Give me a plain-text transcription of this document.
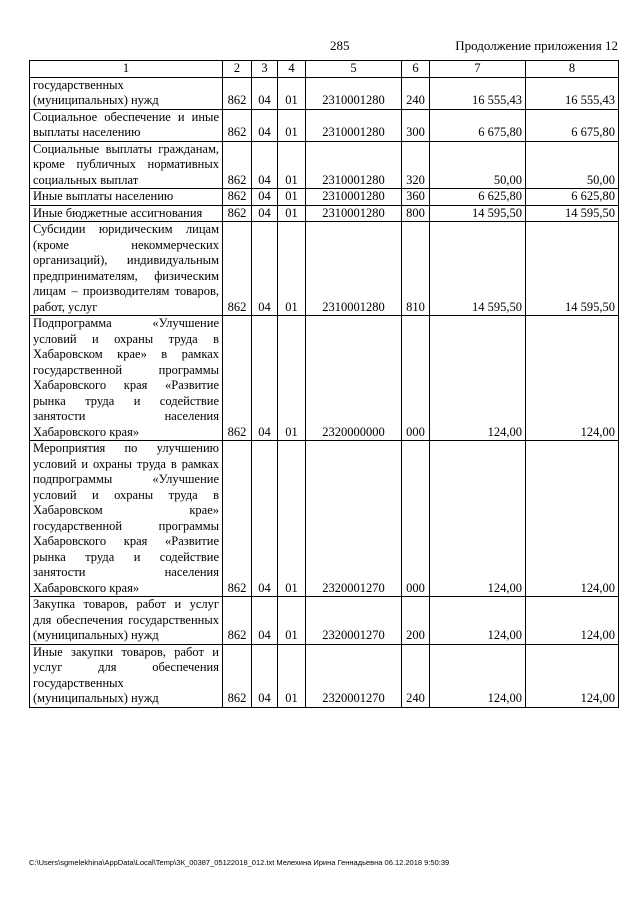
285	Продолжение приложения 12
1	2	3	4	5	6	7	8
государственных (муниципальных) нужд	862	04	01	2310001280	240	16 555,43	16 555,43
Социальное обеспечение и иные выплаты населению	862	04	01	2310001280	300	6 675,80	6 675,80
Социальные выплаты гражданам, кроме публичных нормативных социальных выплат	862	04	01	2310001280	320	50,00	50,00
Иные выплаты населению	862	04	01	2310001280	360	6 625,80	6 625,80
Иные бюджетные ассигнования	862	04	01	2310001280	800	14 595,50	14 595,50
Субсидии юридическим лицам (кроме некоммерческих организаций), индивидуальным предпринимателям, физическим лицам – производителям товаров, работ, услуг	862	04	01	2310001280	810	14 595,50	14 595,50
Подпрограмма «Улучшение условий и охраны труда в Хабаровском крае» в рамках государственной программы Хабаровского края «Развитие рынка труда и содействие занятости населения Хабаровского края»	862	04	01	2320000000	000	124,00	124,00
Мероприятия по улучшению условий и охраны труда в рамках подпрограммы «Улучшение условий и охраны труда в Хабаровском крае» государственной программы Хабаровского края «Развитие рынка труда и содействие занятости населения Хабаровского края»	862	04	01	2320001270	000	124,00	124,00
Закупка товаров, работ и услуг для обеспечения государственных (муниципальных) нужд	862	04	01	2320001270	200	124,00	124,00
Иные закупки товаров, работ и услуг для обеспечения государственных (муниципальных) нужд	862	04	01	2320001270	240	124,00	124,00
C:\Users\sgmelekhina\AppData\Local\Temp\ЗК_00387_05122018_012.txt Мелехина Ирина Геннадьевна 06.12.2018 9:50:39
